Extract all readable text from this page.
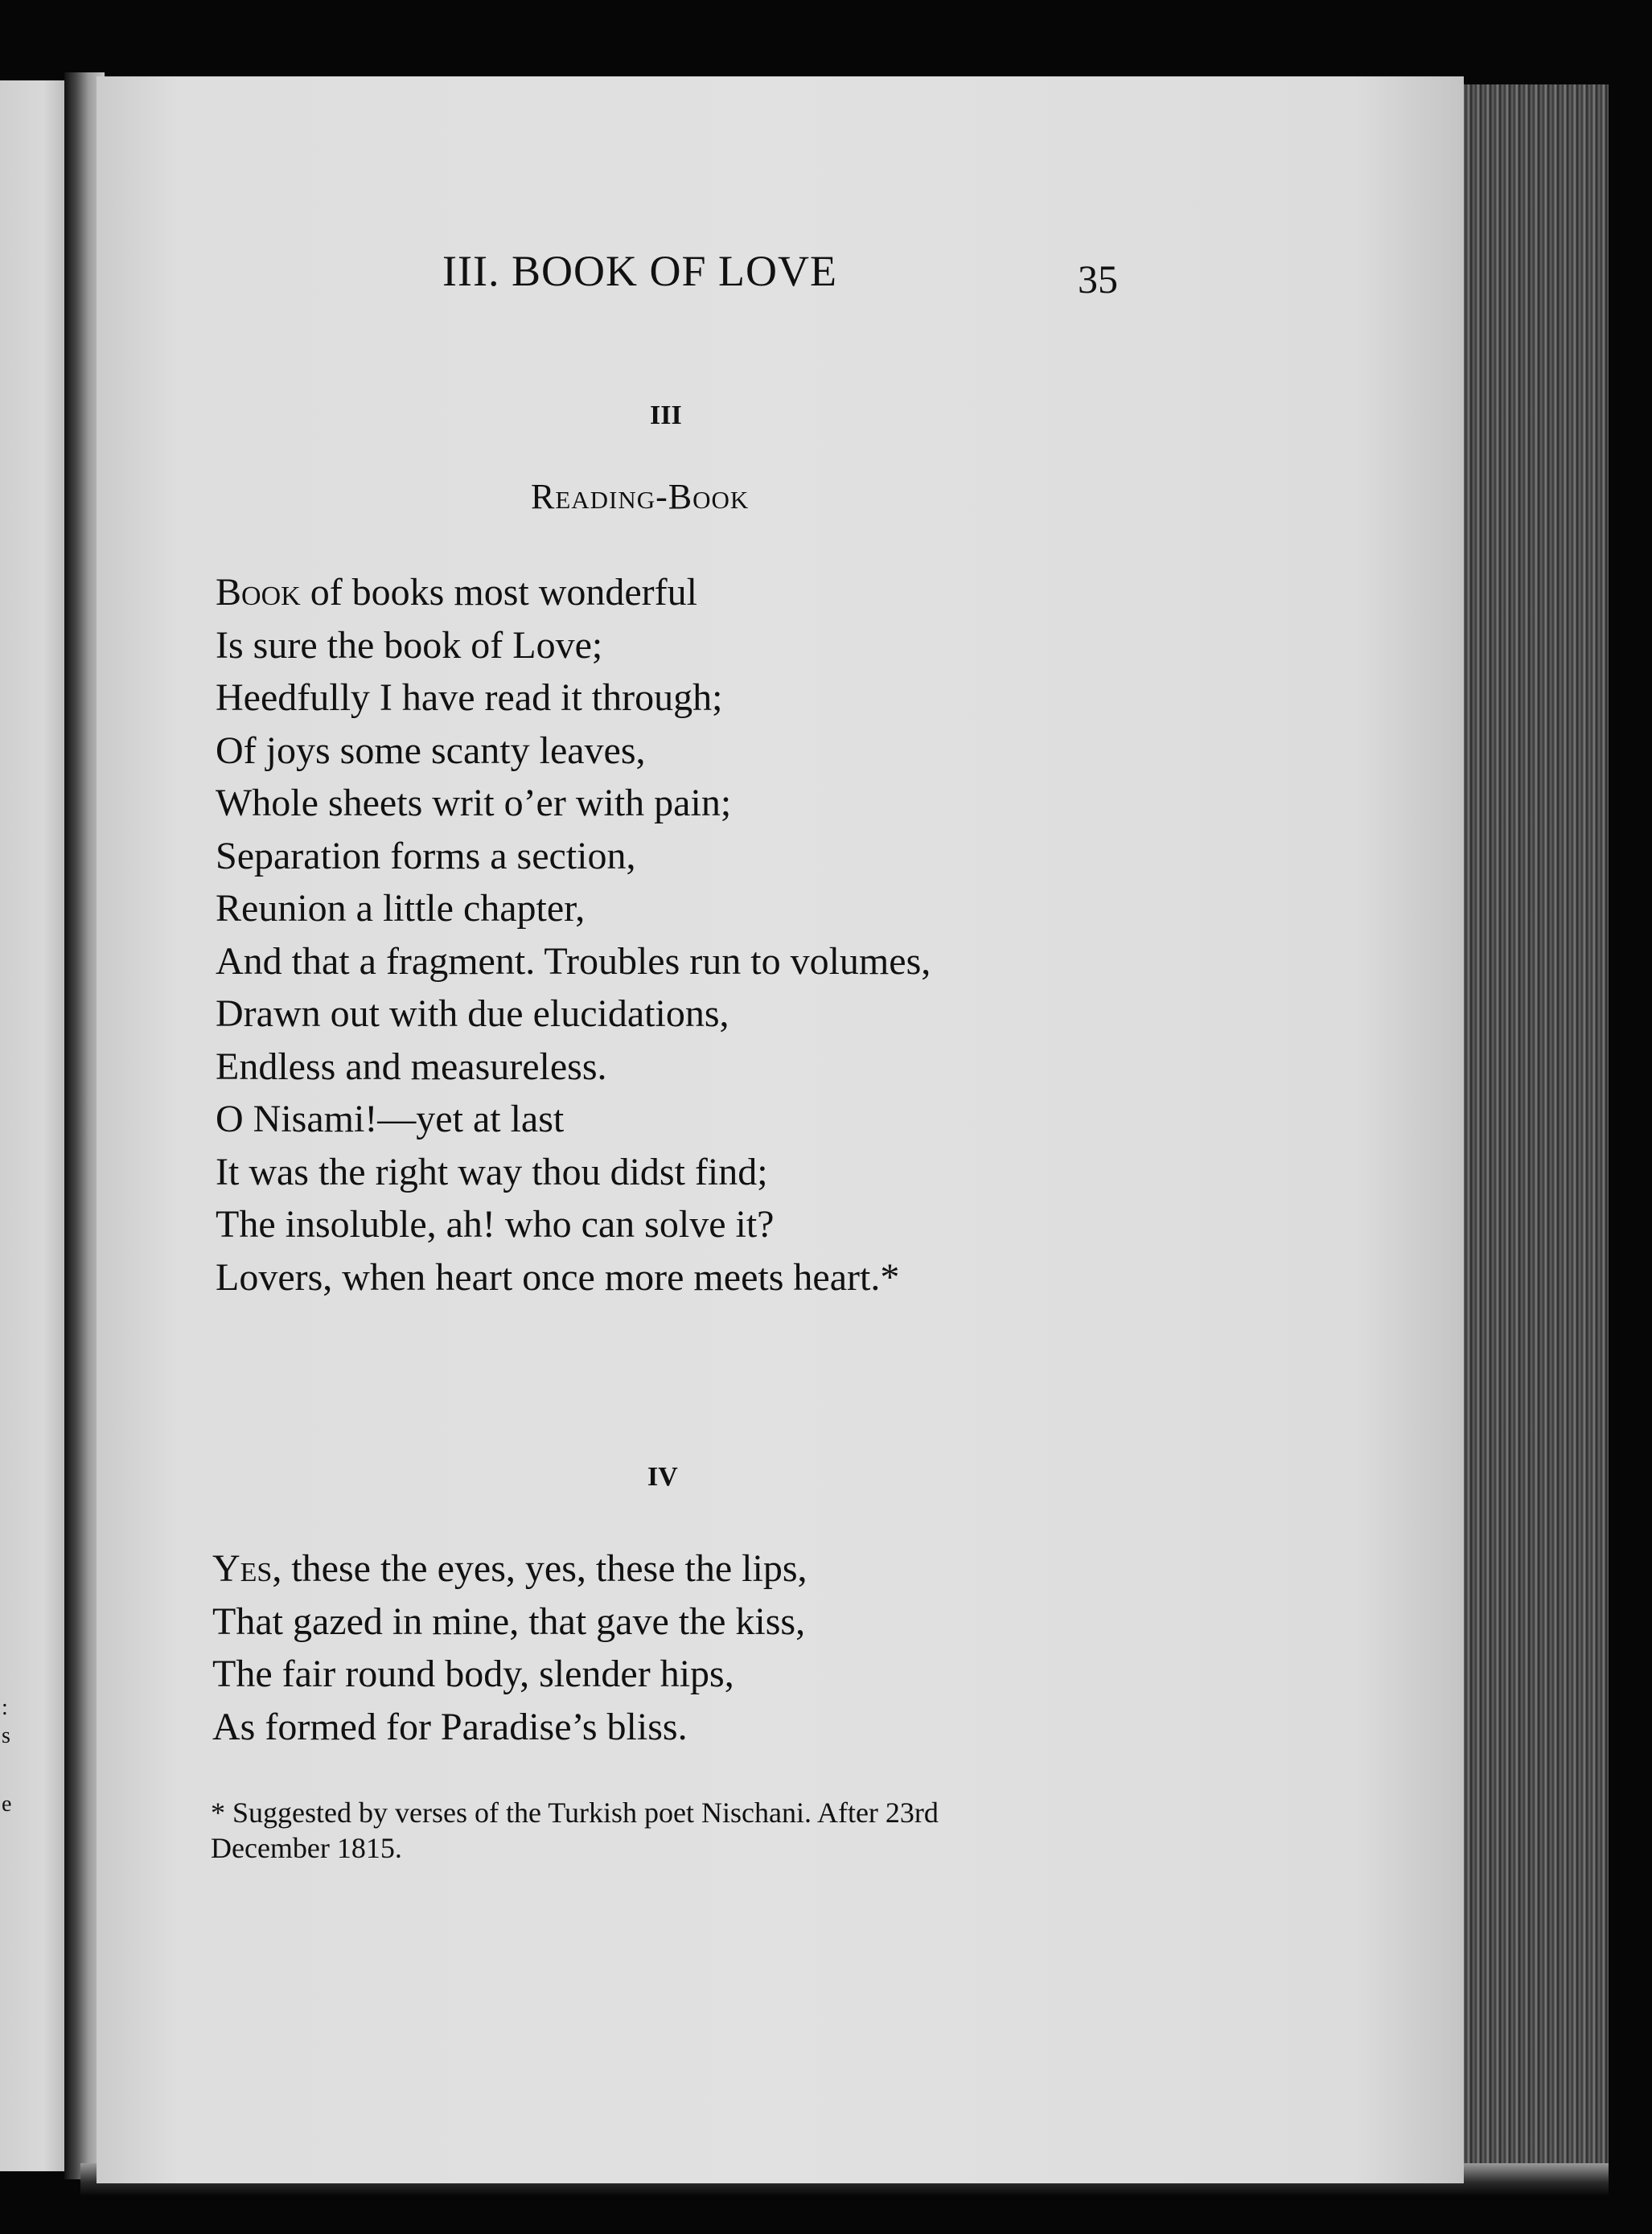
:
s
e

III. BOOK OF LOVE	35

III

Reading-Book

Book of books most wonderful
Is sure the book of Love;
Heedfully I have read it through;
Of joys some scanty leaves,
Whole sheets writ o’er with pain;
Separation forms a section,
Reunion a little chapter,
And that a fragment. Troubles run to volumes,
Drawn out with due elucidations,
Endless and measureless.
O Nisami!—yet at last
It was the right way thou didst find;
The insoluble, ah! who can solve it?
Lovers, when heart once more meets heart.*

IV

Yes, these the eyes, yes, these the lips,
That gazed in mine, that gave the kiss,
The fair round body, slender hips,
As formed for Paradise’s bliss.

* Suggested by verses of the Turkish poet Nischani. After 23rd
December 1815.
